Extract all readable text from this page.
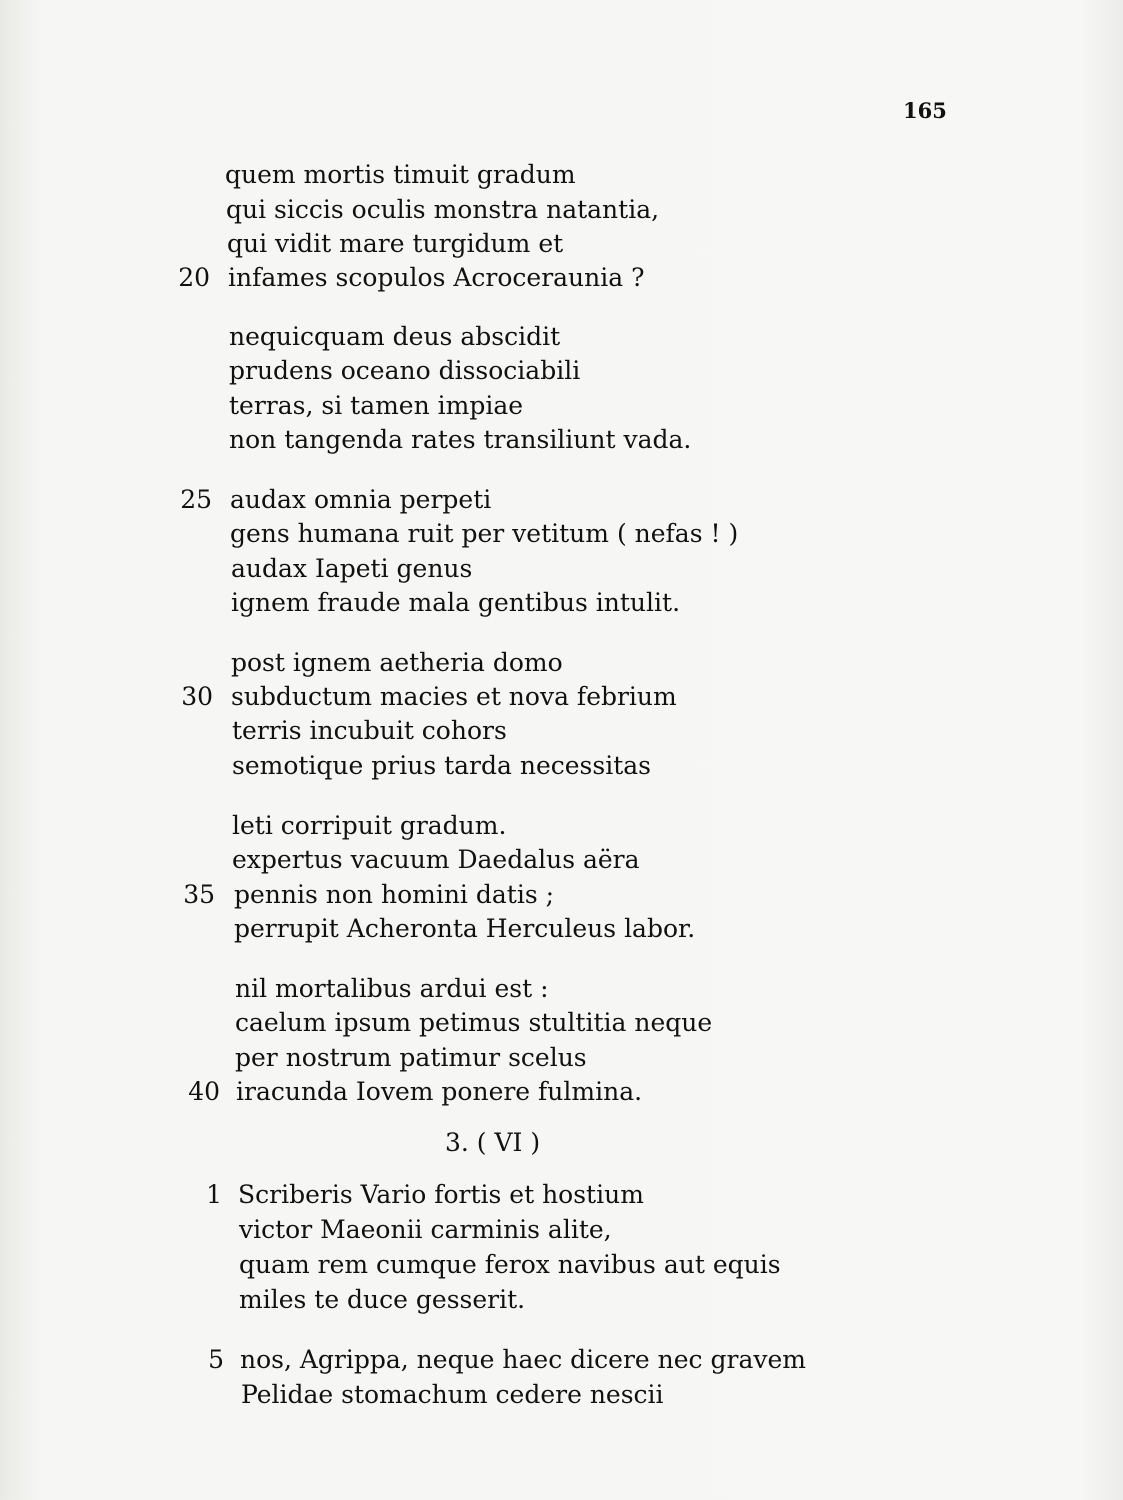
165
quem mortis timuit gradum
qui siccis oculis monstra natantia,
qui vidit mare turgidum et
20 infames scopulos Acroceraunia ?
nequicquam deus abscidit
prudens oceano dissociabili
terras, si tamen impiae
non tangenda rates transiliunt vada.
25 audax omnia perpeti
gens humana ruit per vetitum ( nefas ! )
audax Iapeti genus
ignem fraude mala gentibus intulit.
post ignem aetheria domo
30 subductum macies et nova febrium
terris incubuit cohors
semotique prius tarda necessitas
leti corripuit gradum.
expertus vacuum Daedalus aëra
35 pennis non homini datis ;
perrupit Acheronta Herculeus labor.
nil mortalibus ardui est :
caelum ipsum petimus stultitia neque
per nostrum patimur scelus
40 iracunda Iovem ponere fulmina.
3. ( VI )
1 Scriberis Vario fortis et hostium
victor Maeonii carminis alite,
quam rem cumque ferox navibus aut equis
miles te duce gesserit.
5 nos, Agrippa, neque haec dicere nec gravem
Pelidae stomachum cedere nescii
